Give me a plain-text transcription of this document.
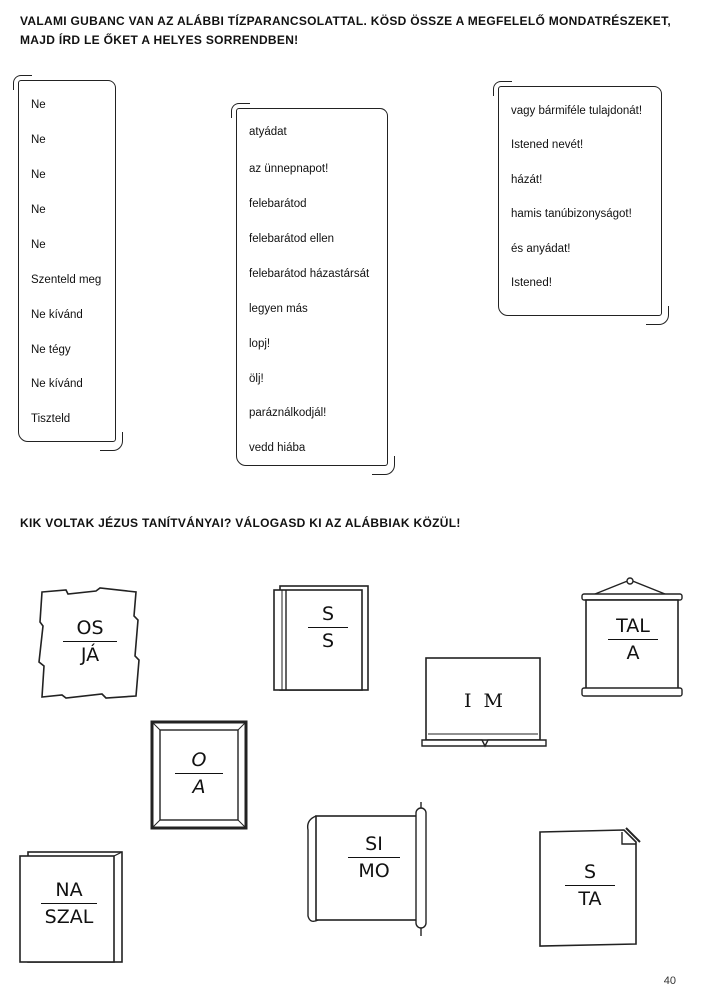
VALAMI GUBANC VAN AZ ALÁBBI TÍZPARANCSOLATTAL. KÖSD ÖSSZE A MEGFELELŐ MONDATRÉSZEKET,
MAJD ÍRD LE ŐKET A HELYES SORRENDBEN!
Ne
Ne
Ne
Ne
Ne
Szenteld meg
Ne kívánd
Ne tégy
Ne kívánd
Tiszteld
atyádat
az ünnepnapot!
felebarátod
felebarátod ellen
felebarátod házastársát
legyen más
lopj!
ölj!
paráználkodjál!
vedd hiába
vagy bármiféle tulajdonát!
Istened nevét!
házát!
hamis tanúbizonyságot!
és anyádat!
Istened!
KIK VOLTAK JÉZUS TANÍTVÁNYAI? VÁLOGASD KI AZ ALÁBBIAK KÖZÜL!
OS
JÁ
S
S
TAL
A
I M
O
A
NA
SZAL
SI
MO	S
TA
40
